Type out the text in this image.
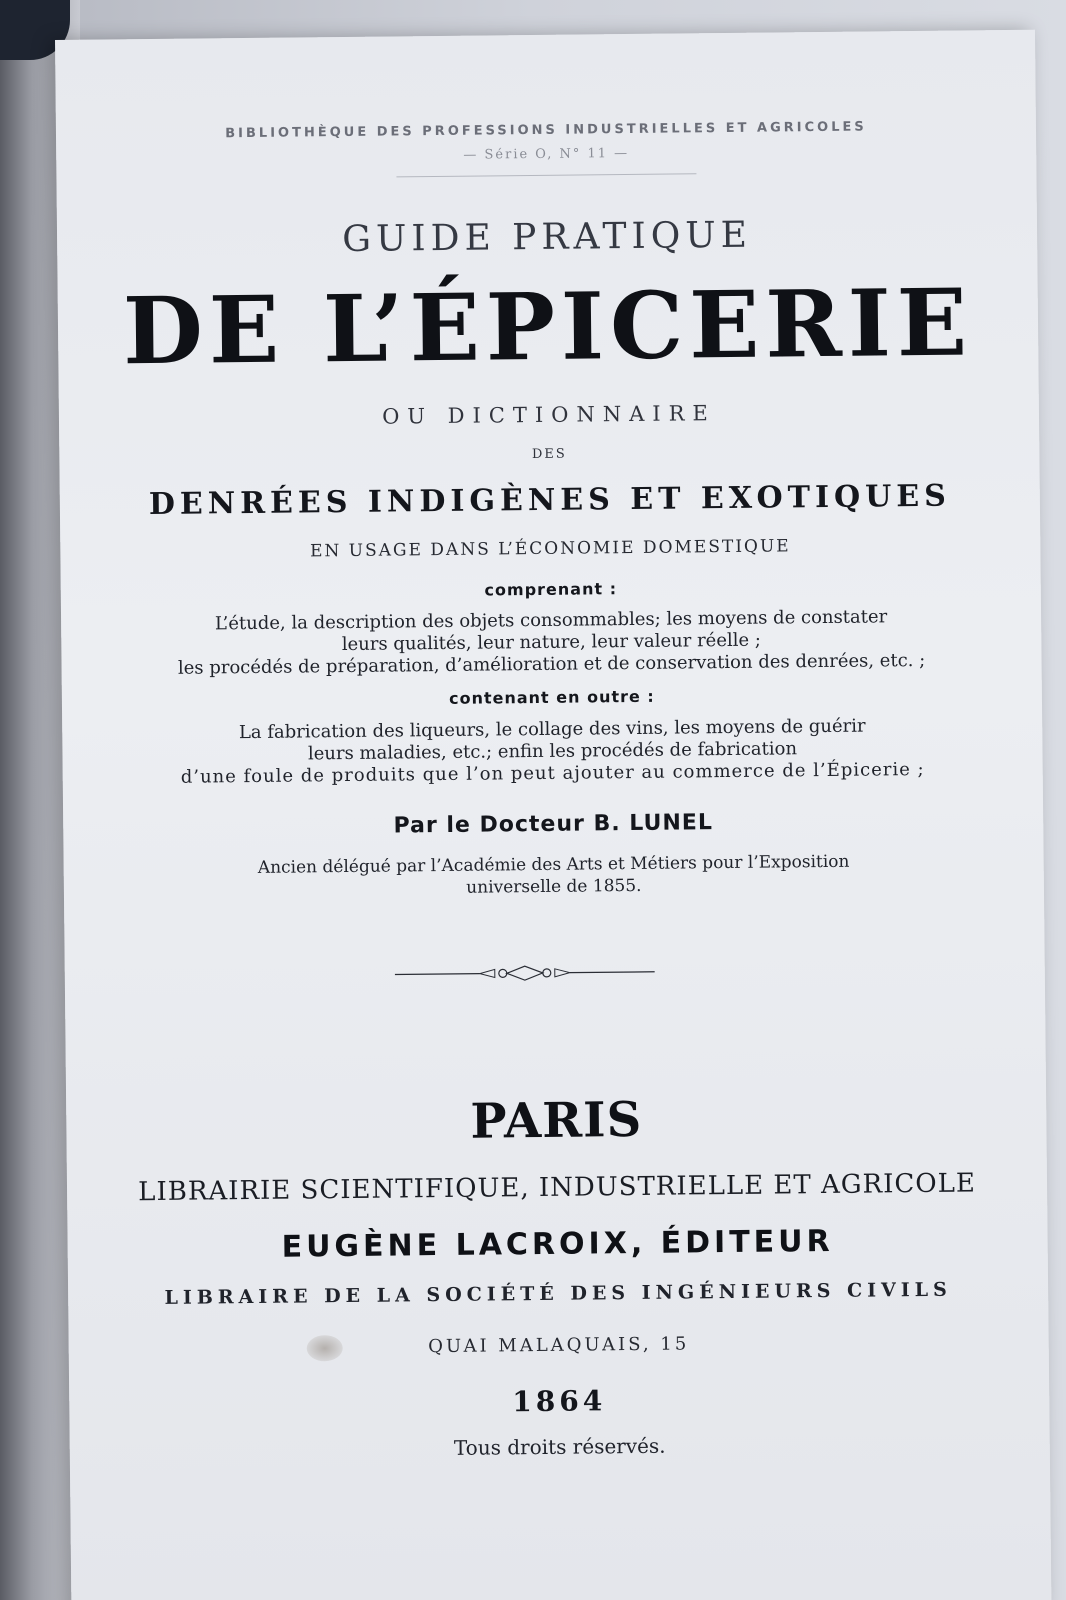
BIBLIOTHÈQUE DES PROFESSIONS INDUSTRIELLES ET AGRICOLES
— Série O, N° 11 —
GUIDE PRATIQUE
DE L’ÉPICERIE
OU DICTIONNAIRE
DES
DENRÉES INDIGÈNES ET EXOTIQUES
EN USAGE DANS L’ÉCONOMIE DOMESTIQUE
comprenant :
L’étude, la description des objets consommables; les moyens de constater
leurs qualités, leur nature, leur valeur réelle ;
les procédés de préparation, d’amélioration et de conservation des denrées, etc. ;
contenant en outre :
La fabrication des liqueurs, le collage des vins, les moyens de guérir
leurs maladies, etc.; enfin les procédés de fabrication
d’une foule de produits que l’on peut ajouter au commerce de l’Épicerie ;
Par le Docteur B. LUNEL
Ancien délégué par l’Académie des Arts et Métiers pour l’Exposition
universelle de 1855.
PARIS
LIBRAIRIE SCIENTIFIQUE, INDUSTRIELLE ET AGRICOLE
EUGÈNE LACROIX, ÉDITEUR
LIBRAIRE DE LA SOCIÉTÉ DES INGÉNIEURS CIVILS
QUAI MALAQUAIS, 15
1864
Tous droits réservés.
